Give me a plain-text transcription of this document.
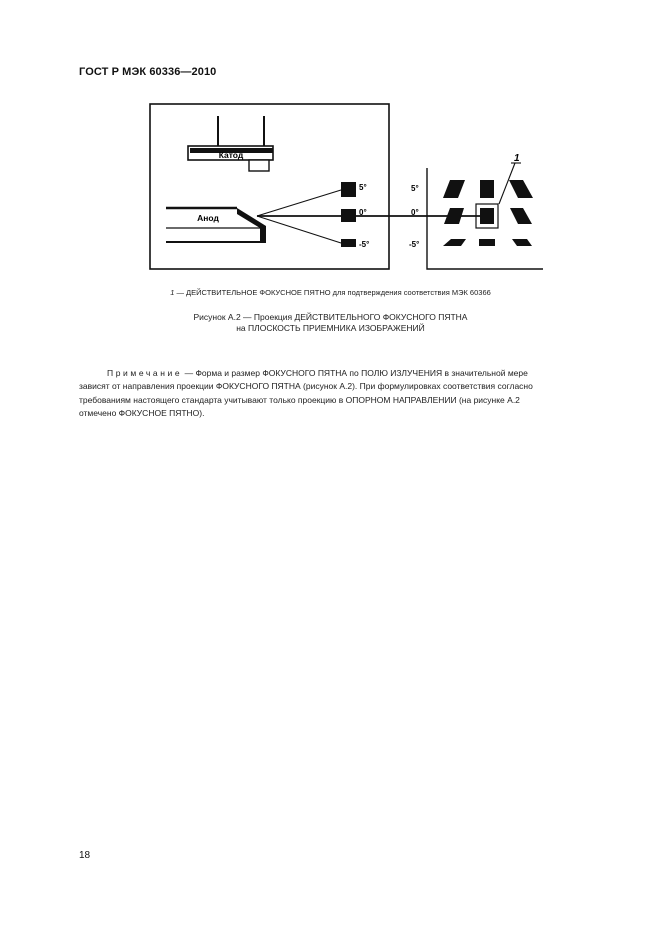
ГОСТ Р МЭК 60336—2010
Катод
Анод
5°
0°
-5°
5°
0°
-5°
1
1 — ДЕЙСТВИТЕЛЬНОЕ ФОКУСНОЕ ПЯТНО для подтверждения соответствия МЭК 60366
Рисунок А.2 — Проекция ДЕЙСТВИТЕЛЬНОГО ФОКУСНОГО ПЯТНА
на ПЛОСКОСТЬ ПРИЕМНИКА ИЗОБРАЖЕНИЙ
Примечание — Форма и размер ФОКУСНОГО ПЯТНА по ПОЛЮ ИЗЛУЧЕНИЯ в значительной мере
зависят от направления проекции ФОКУСНОГО ПЯТНА (рисунок А.2). При формулировках соответствия согласно
требованиям настоящего стандарта учитывают только проекцию в ОПОРНОМ НАПРАВЛЕНИИ (на рисунке А.2
отмечено ФОКУСНОЕ ПЯТНО).
18
